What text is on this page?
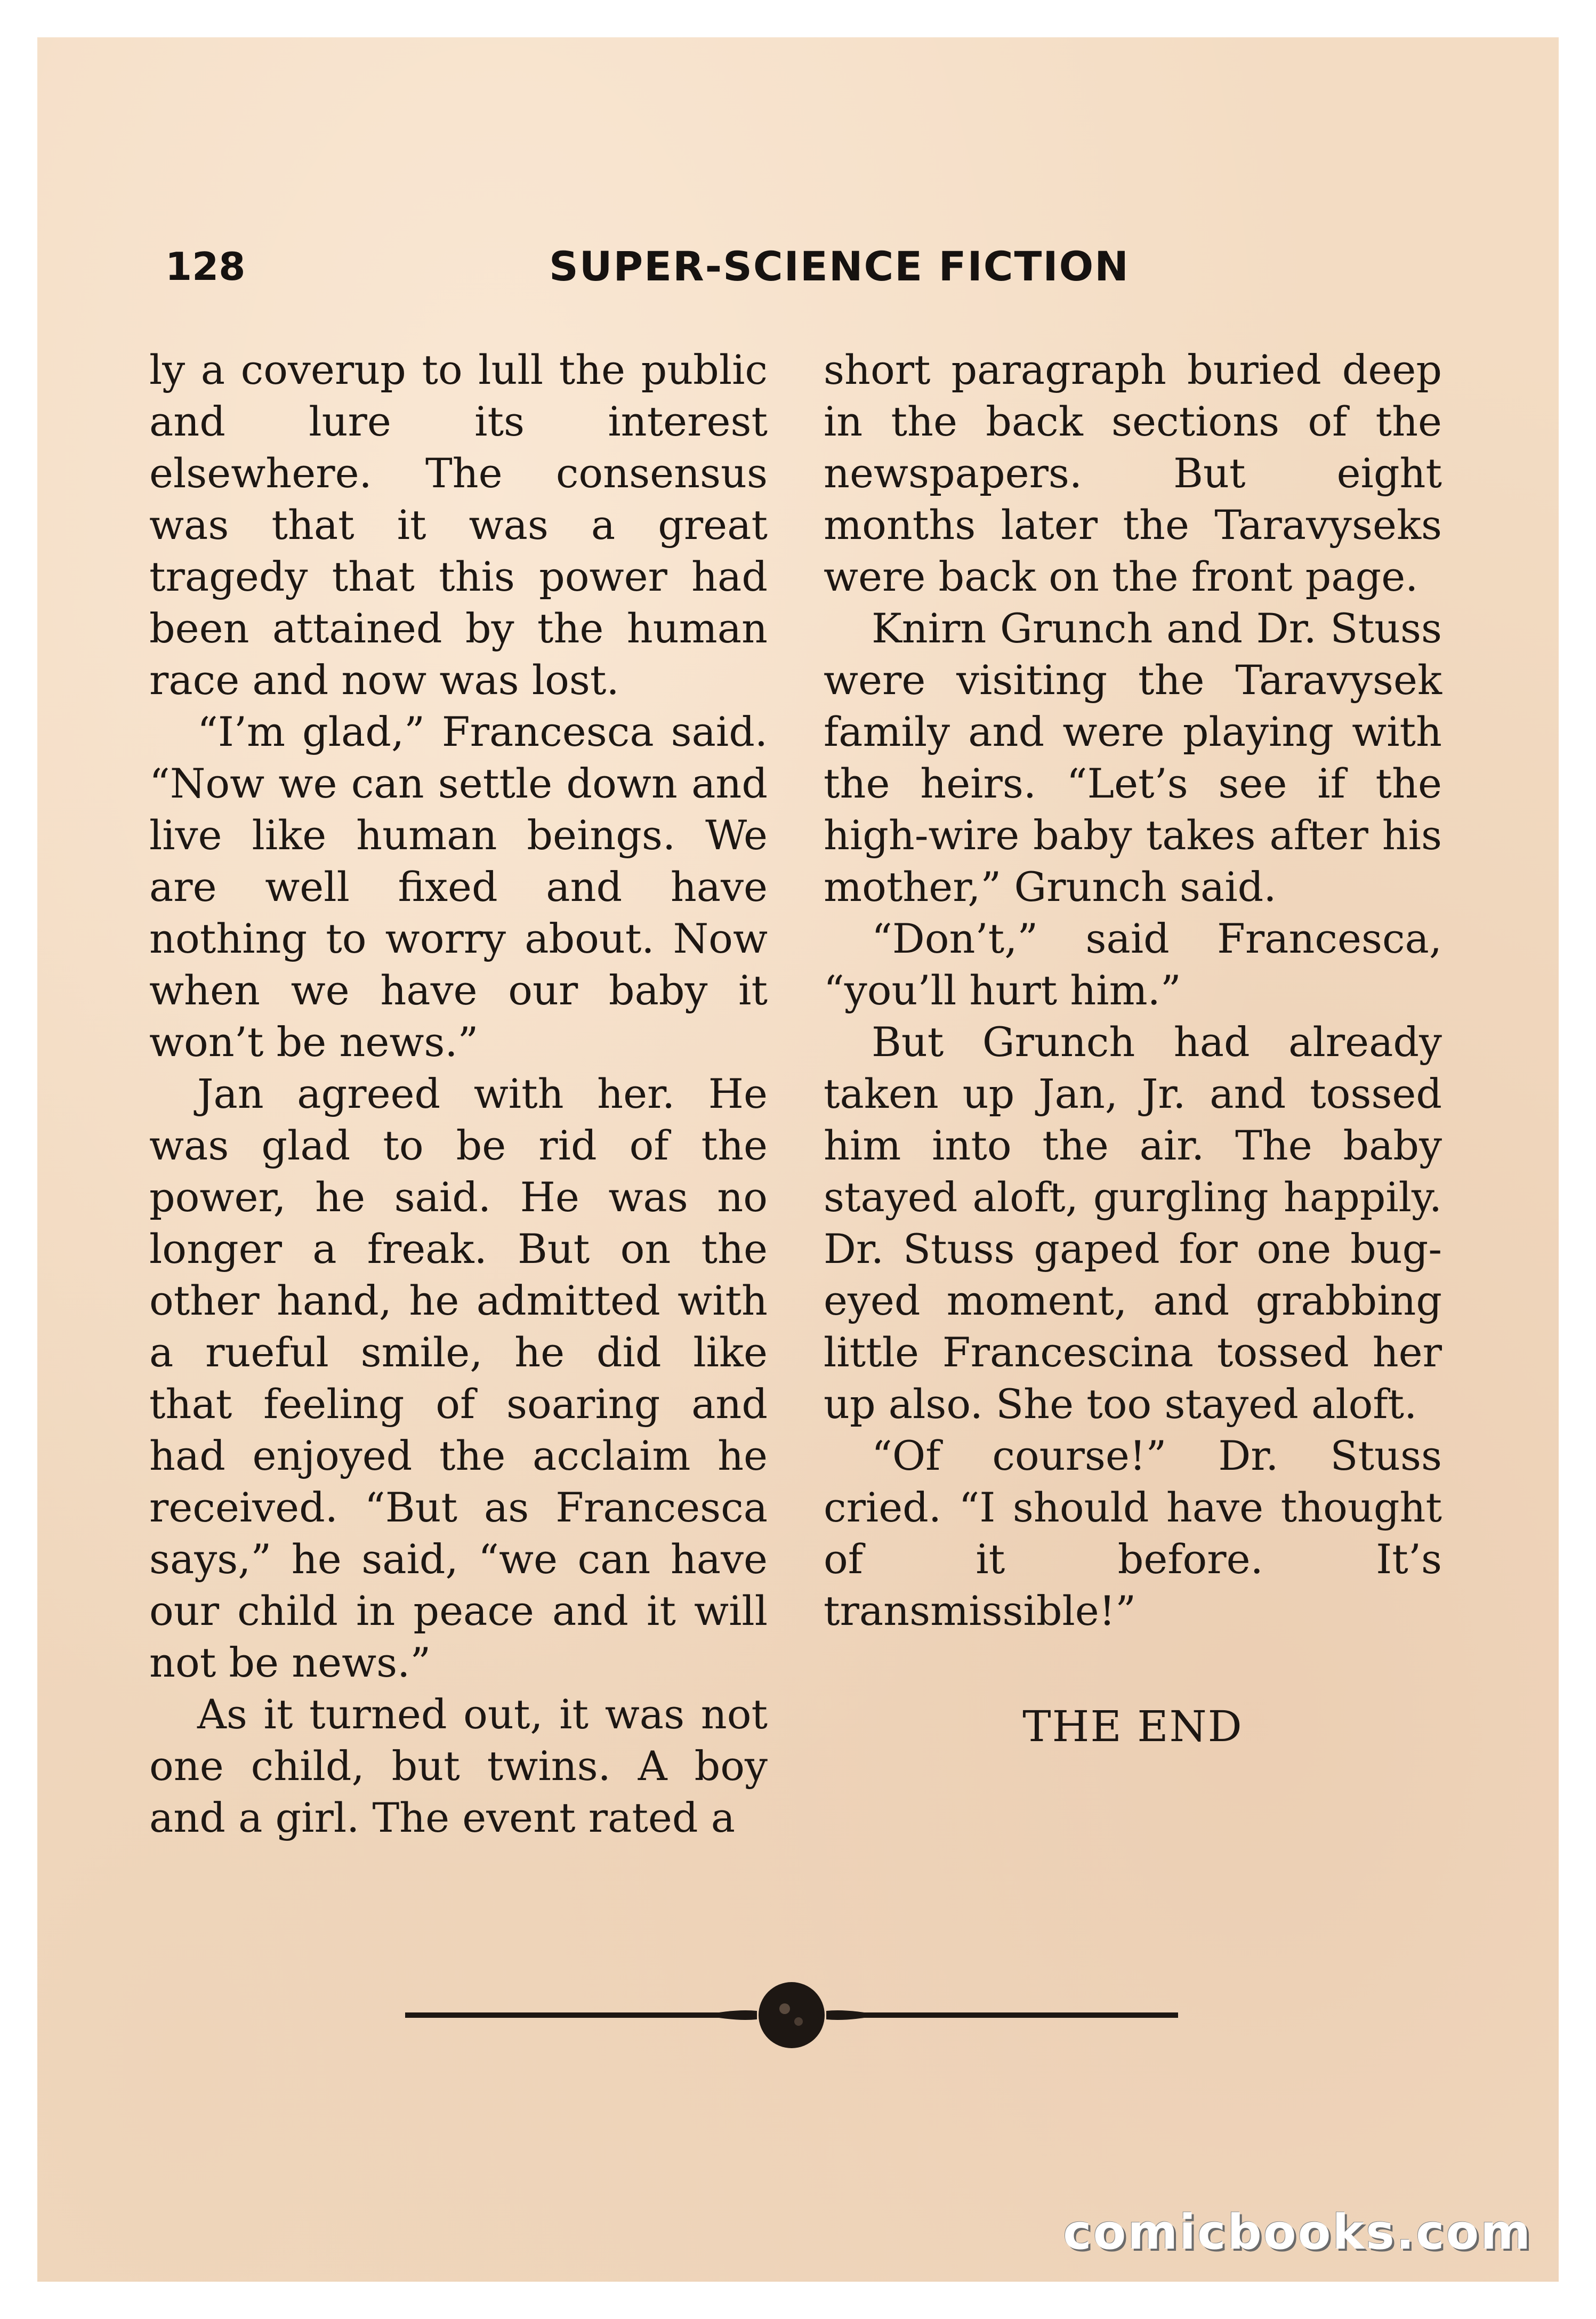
128	SUPER-SCIENCE FICTION

ly a coverup to lull the public and lure its interest elsewhere. The consensus was that it was a great tragedy that this power had been attained by the human race and now was lost.

“I’m glad,” Francesca said. “Now we can settle down and live like human beings. We are well fixed and have nothing to worry about. Now when we have our baby it won’t be news.”

Jan agreed with her. He was glad to be rid of the power, he said. He was no longer a freak. But on the other hand, he admitted with a rueful smile, he did like that feeling of soaring and had enjoyed the acclaim he received. “But as Francesca says,” he said, “we can have our child in peace and it will not be news.”

As it turned out, it was not one child, but twins. A boy and a girl. The event rated a

short paragraph buried deep in the back sections of the newspapers. But eight months later the Taravyseks were back on the front page.

Knirn Grunch and Dr. Stuss were visiting the Taravysek family and were playing with the heirs. “Let’s see if the high-wire baby takes after his mother,” Grunch said.

“Don’t,” said Francesca, “you’ll hurt him.”

But Grunch had already taken up Jan, Jr. and tossed him into the air. The baby stayed aloft, gurgling happily. Dr. Stuss gaped for one bug-eyed moment, and grabbing little Francescina tossed her up also. She too stayed aloft.

“Of course!” Dr. Stuss cried. “I should have thought of it before. It’s transmissible!”

THE END
comicbooks.com
